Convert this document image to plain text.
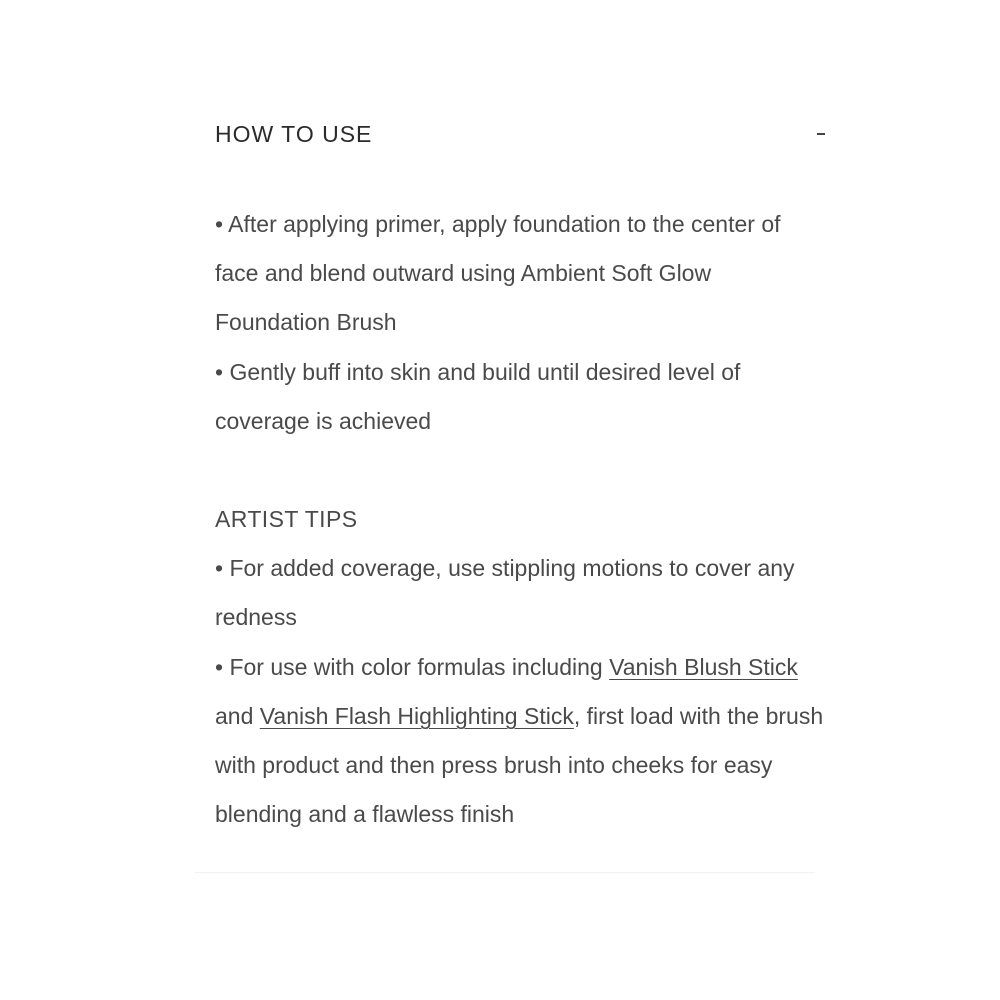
HOW TO USE

• After applying primer, apply foundation to the center of face and blend outward using Ambient Soft Glow Foundation Brush

• Gently buff into skin and build until desired level of coverage is achieved

ARTIST TIPS

• For added coverage, use stippling motions to cover any redness

• For use with color formulas including Vanish Blush Stick and Vanish Flash Highlighting Stick, first load with the brush with product and then press brush into cheeks for easy blending and a flawless finish
